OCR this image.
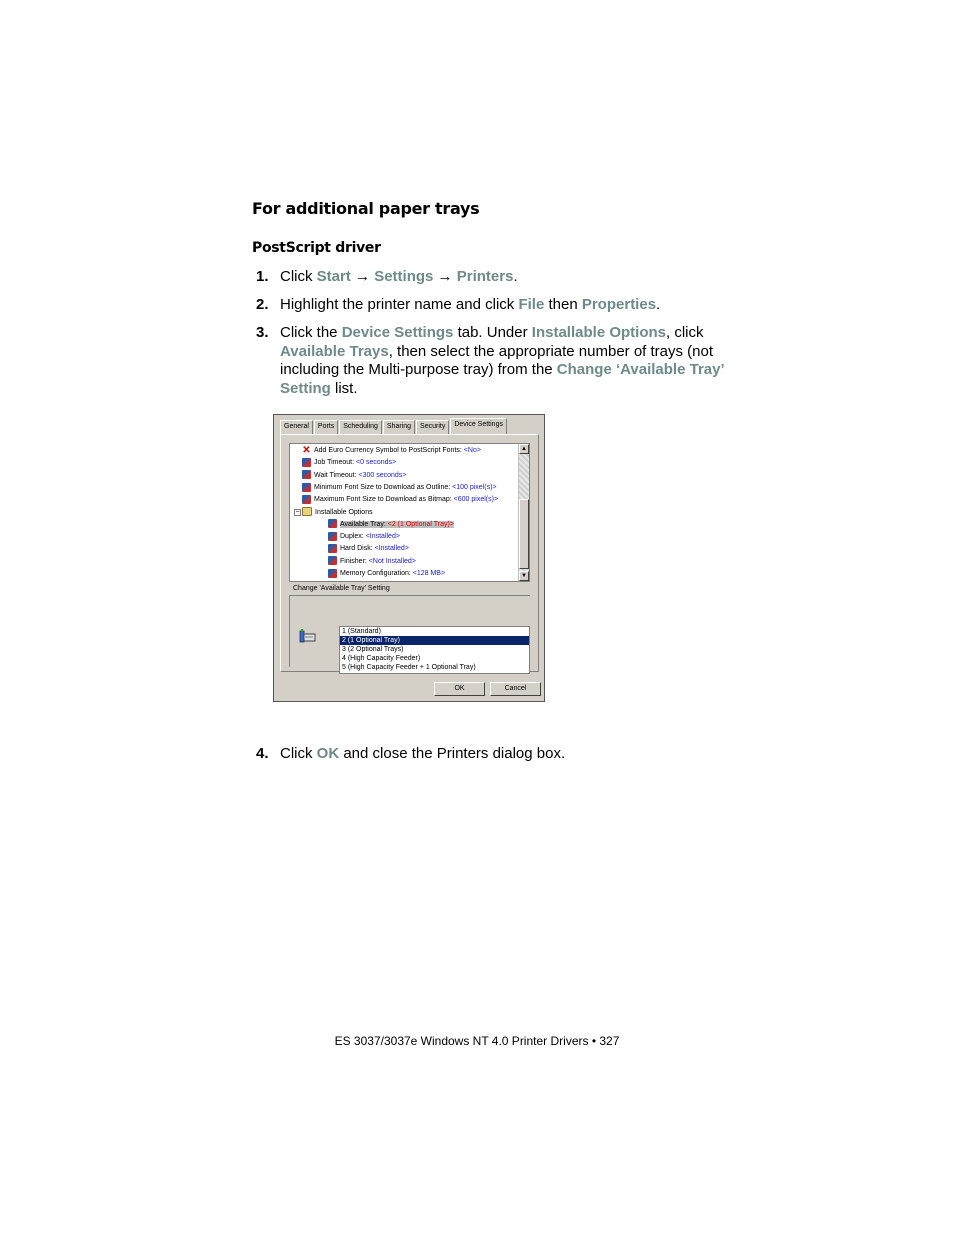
For additional paper trays
PostScript driver
1. Click Start → Settings → Printers.
2. Highlight the printer name and click File then Properties.
3. Click the Device Settings tab. Under Installable Options, click Available Trays, then select the appropriate number of trays (not including the Multi-purpose tray) from the Change ‘Available Tray’ Setting list.
General	Ports	Scheduling	Sharing	Security	Device Settings
−
▲
▼
✕ Add Euro Currency Symbol to PostScript Fonts: <No>
Job Timeout: <0 seconds>
Wait Timeout: <300 seconds>
Minimum Font Size to Download as Outline: <100 pixel(s)>
Maximum Font Size to Download as Bitmap: <600 pixel(s)>
Installable Options
Available Tray: <2 (1 Optional Tray)>
Duplex: <Installed>
Hard Disk: <Installed>
Finisher: <Not Installed>
Memory Configuration: <128 MB>
Change 'Available Tray' Setting
1 (Standard)
2 (1 Optional Tray)
3 (2 Optional Trays)
4 (High Capacity Feeder)
5 (High Capacity Feeder + 1 Optional Tray)
OK	Cancel
4. Click OK and close the Printers dialog box.
ES 3037/3037e Windows NT 4.0 Printer Drivers • 327
